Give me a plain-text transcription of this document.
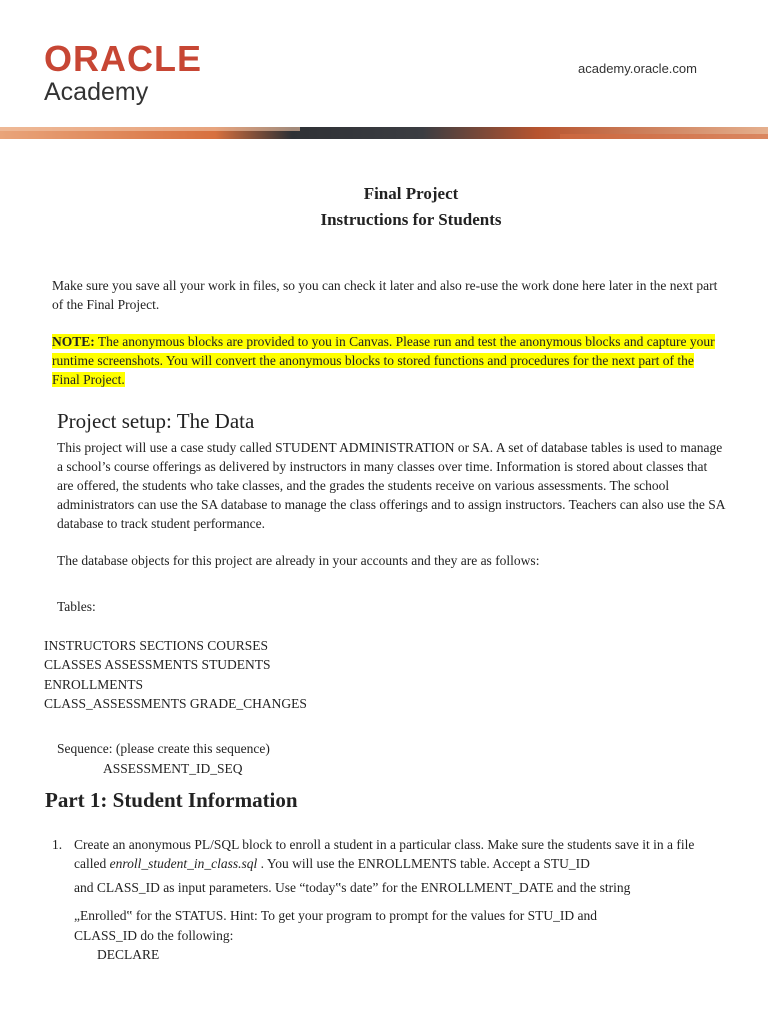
ORACLE
Academy
academy.oracle.com
Final Project
Instructions for Students
Make sure you save all your work in files, so you can check it later and also re-use the work done here later in the next part of the Final Project.
NOTE: The anonymous blocks are provided to you in Canvas. Please run and test the anonymous blocks and capture your runtime screenshots. You will convert the anonymous blocks to stored functions and procedures for the next part of the Final Project.
Project setup: The Data
This project will use a case study called STUDENT ADMINISTRATION or SA. A set of database tables is used to manage a school’s course offerings as delivered by instructors in many classes over time. Information is stored about classes that are offered, the students who take classes, and the grades the students receive on various assessments. The school administrators can use the SA database to manage the class offerings and to assign instructors. Teachers can also use the SA database to track student performance.
The database objects for this project are already in your accounts and they are as follows:
Tables:
INSTRUCTORS SECTIONS COURSES
CLASSES ASSESSMENTS STUDENTS
ENROLLMENTS
CLASS_ASSESSMENTS GRADE_CHANGES
Sequence: (please create this sequence)
ASSESSMENT_ID_SEQ
Part 1: Student Information
1. Create an anonymous PL/SQL block to enroll a student in a particular class. Make sure the students save it in a file called enroll_student_in_class.sql . You will use the ENROLLMENTS table. Accept a STU_ID
and CLASS_ID as input parameters. Use “today‟s date” for the ENROLLMENT_DATE and the string
„Enrolled‟ for the STATUS. Hint: To get your program to prompt for the values for STU_ID and
CLASS_ID do the following:
DECLARE
